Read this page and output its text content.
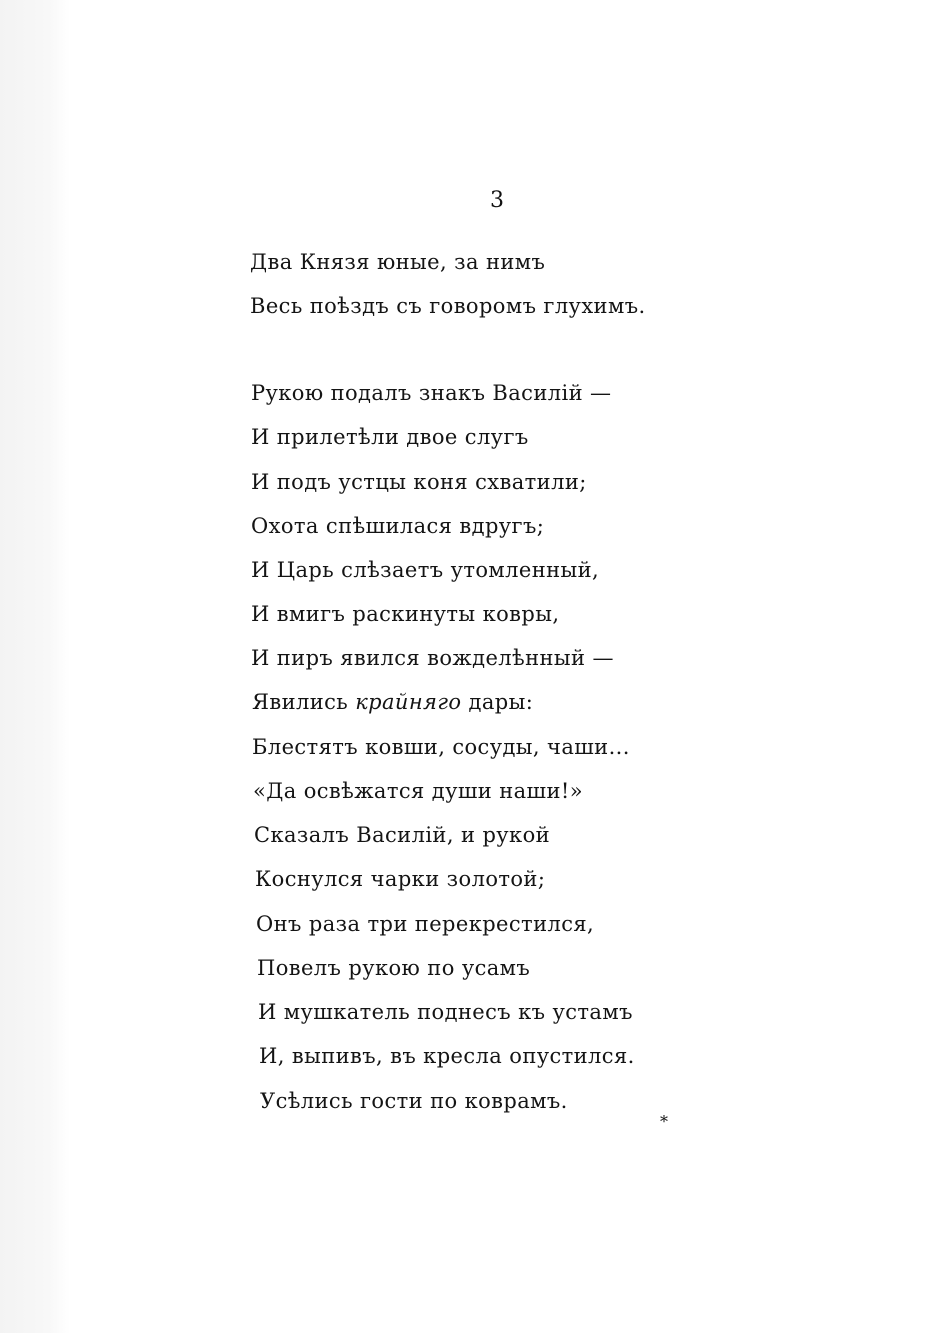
3
Два Князя юные, за нимъ
Весь поѣздъ съ говоромъ глухимъ.
Рукою подалъ знакъ Василій —
И прилетѣли двое слугъ
И подъ устцы коня схватили;
Охота спѣшилася вдругъ;
И Царь слѣзаетъ утомленный,
И вмигъ раскинуты ковры,
И пиръ явился вожделѣнный —
Явились крайняго дары:
Блестятъ ковши, сосуды, чаши...
«Да освѣжатся души наши!»
Сказалъ Василій, и рукой
Коснулся чарки золотой;
Онъ раза три перекрестился,
Повелъ рукою по усамъ
И мушкатель поднесъ къ устамъ
И, выпивъ, въ кресла опустился.
Усѣлись гости по коврамъ.
*
